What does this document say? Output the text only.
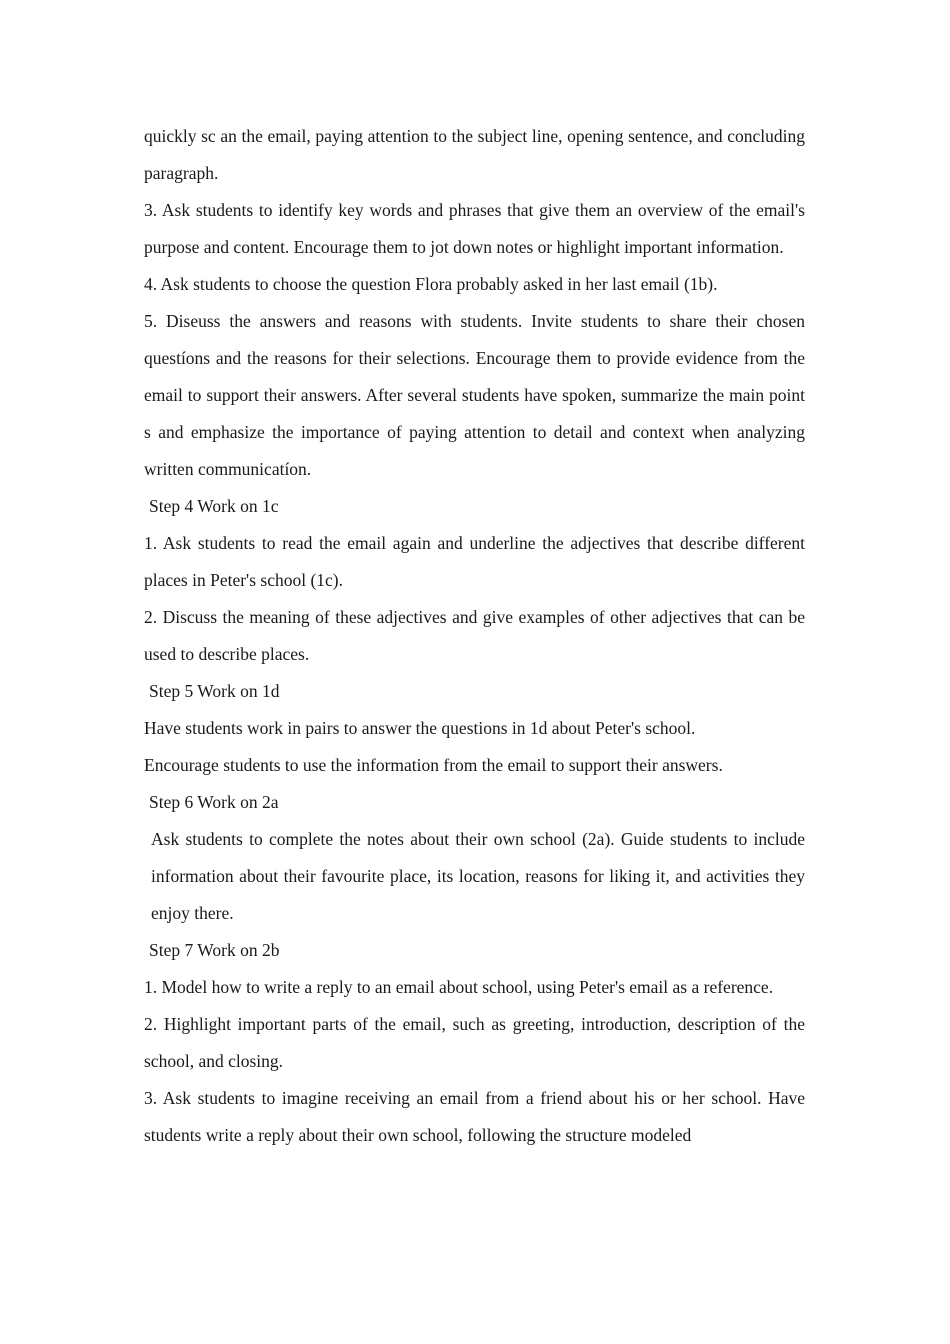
quickly sc an the email, paying attention to the subject line, opening sentence, and concluding paragraph.

3. Ask students to identify key words and phrases that give them an overview of the email's purpose and content. Encourage them to jot down notes or highlight important information.

4. Ask students to choose the question Flora probably asked in her last email (1b).

5. Diseuss the answers and reasons with students. Invite students to share their chosen questíons and the reasons for their selections. Encourage them to provide evidence from the email to support their answers. After several students have spoken, summarize the main point s and emphasize the importance of paying attention to detail and context when analyzing written communicatíon.

Step 4 Work on 1c

1. Ask students to read the email again and underline the adjectives that describe different places in Peter's school (1c).

2. Discuss the meaning of these adjectives and give examples of other adjectives that can be used to describe places.

Step 5 Work on 1d

Have students work in pairs to answer the questions in 1d about Peter's school.

Encourage students to use the information from the email to support their answers.

Step 6 Work on 2a

Ask students to complete the notes about their own school (2a). Guide students to include information about their favourite place, its location, reasons for liking it, and activities they enjoy there.

Step 7 Work on 2b

1. Model how to write a reply to an email about school, using Peter's email as a reference.

2. Highlight important parts of the email, such as greeting, introduction, description of the school, and closing.

3. Ask students to imagine receiving an email from a friend about his or her school. Have students write a reply about their own school, following the structure modeled
